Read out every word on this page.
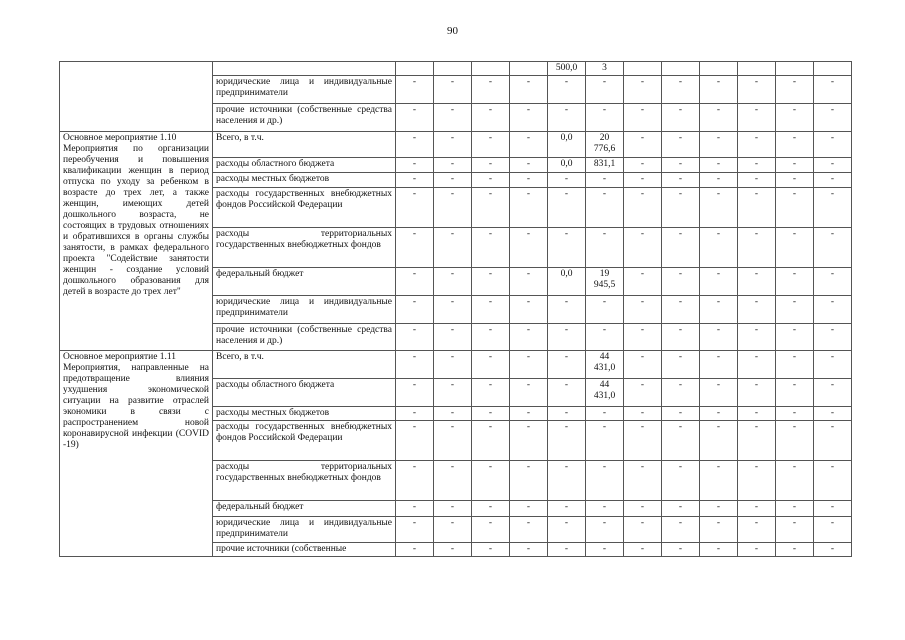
90
						500,0	3						
	юридические лица и индивидуальные предприниматели	-	-	-	-	-	-	-	-	-	-	-	-
	прочие источники (собственные средства населения и др.)	-	-	-	-	-	-	-	-	-	-	-	-

Основное мероприятие 1.10
Мероприятия по организации переобучения и повышения квалификации женщин в период отпуска по уходу за ребенком в возрасте до трех лет, а также женщин, имеющих детей дошкольного возраста, не состоящих в трудовых отношениях и обратившихся в органы службы занятости, в рамках федерального проекта "Содействие занятости женщин - создание условий дошкольного образования для детей в возрасте до трех лет"	Всего, в т.ч.	-	-	-	-	0,0	20 776,6	-	-	-	-	-	-
	расходы областного бюджета	-	-	-	-	0,0	831,1	-	-	-	-	-	-
	расходы местных бюджетов	-	-	-	-	-	-	-	-	-	-	-	-
	расходы государственных внебюджетных фондов Российской Федерации	-	-	-	-	-	-	-	-	-	-	-	-
	расходы территориальных государственных внебюджетных фондов	-	-	-	-	-	-	-	-	-	-	-	-
	федеральный бюджет	-	-	-	-	0,0	19 945,5	-	-	-	-	-	-
	юридические лица и индивидуальные предприниматели	-	-	-	-	-	-	-	-	-	-	-	-
	прочие источники (собственные средства населения и др.)	-	-	-	-	-	-	-	-	-	-	-	-

Основное мероприятие 1.11
Мероприятия, направленные на предотвращение влияния ухудшения экономической ситуации на развитие отраслей экономики в связи с распространением новой коронавирусной инфекции (COVID -19)	Всего, в т.ч.	-	-	-	-	-	44 431,0	-	-	-	-	-	-
	расходы областного бюджета	-	-	-	-	-	44 431,0	-	-	-	-	-	-
	расходы местных бюджетов	-	-	-	-	-	-	-	-	-	-	-	-
	расходы государственных внебюджетных фондов Российской Федерации	-	-	-	-	-	-	-	-	-	-	-	-
	расходы территориальных государственных внебюджетных фондов	-	-	-	-	-	-	-	-	-	-	-	-
	федеральный бюджет	-	-	-	-	-	-	-	-	-	-	-	-
	юридические лица и индивидуальные предприниматели	-	-	-	-	-	-	-	-	-	-	-	-
	прочие источники (собственные	-	-	-	-	-	-	-	-	-	-	-	-
